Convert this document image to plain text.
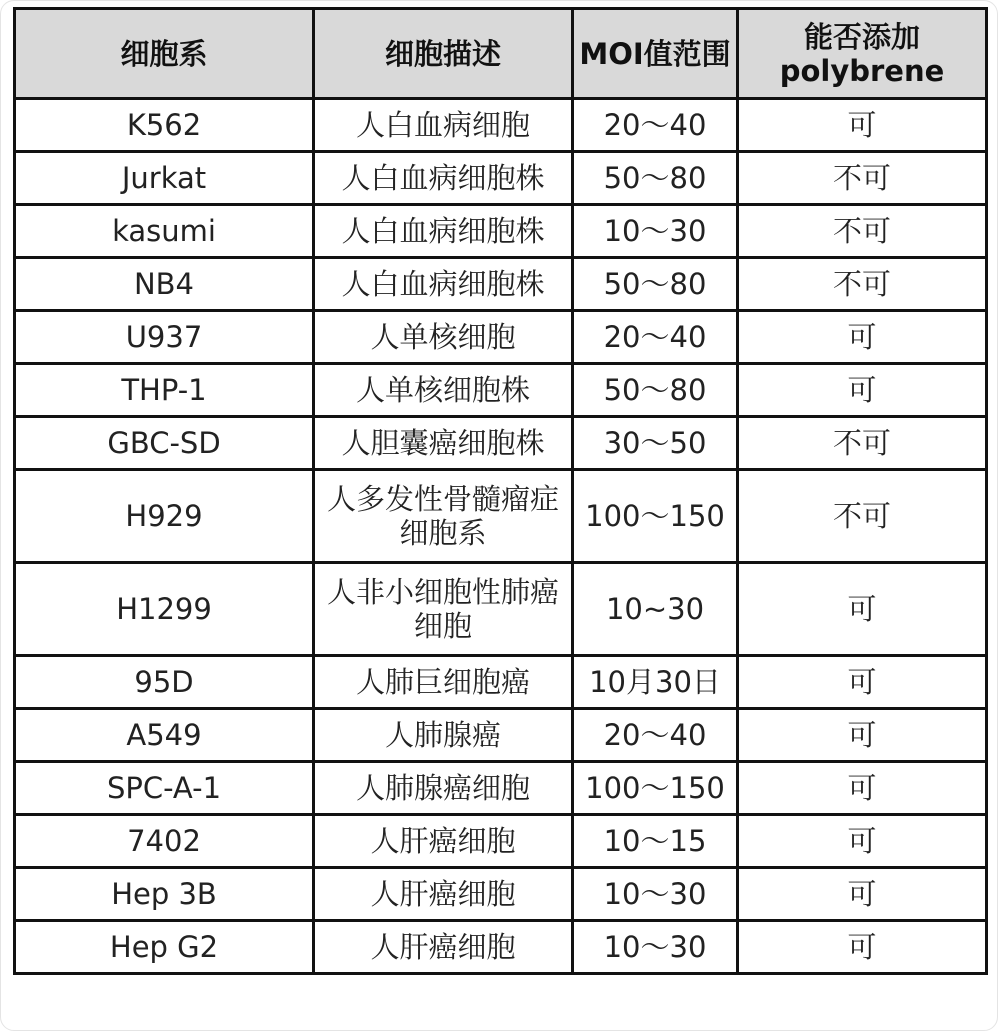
细胞系	细胞描述	MOI值范围	能否添加polybrene
K562	人白血病细胞	20～40	可
Jurkat	人白血病细胞株	50～80	不可
kasumi	人白血病细胞株	10～30	不可
NB4	人白血病细胞株	50～80	不可
U937	人单核细胞	20～40	可
THP-1	人单核细胞株	50～80	可
GBC-SD	人胆囊癌细胞株	30～50	不可
H929	人多发性骨髓瘤症细胞系	100～150	不可
H1299	人非小细胞性肺癌细胞	10~30	可
95D	人肺巨细胞癌	10月30日	可
A549	人肺腺癌	20～40	可
SPC-A-1	人肺腺癌细胞	100～150	可
7402	人肝癌细胞	10～15	可
Hep 3B	人肝癌细胞	10～30	可
Hep G2	人肝癌细胞	10～30	可
